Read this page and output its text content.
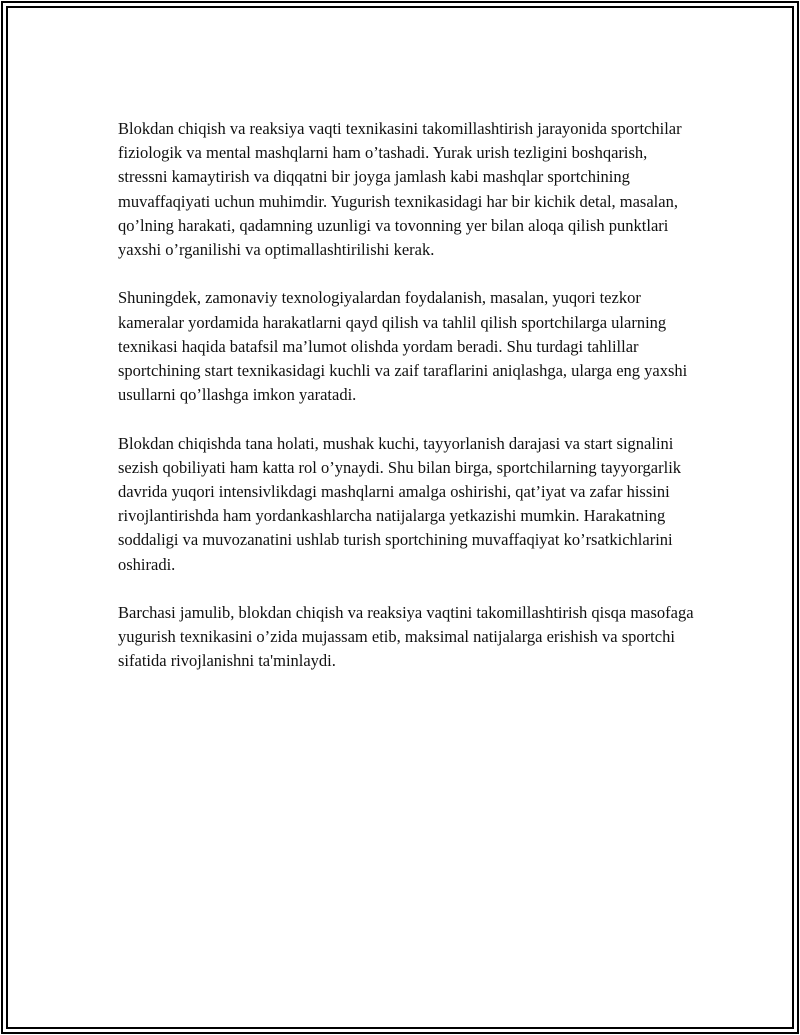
Blokdan chiqish va reaksiya vaqti texnikasini takomillashtirish jarayonida sportchilar fiziologik va mental mashqlarni ham o’tashadi. Yurak urish tezligini boshqarish, stressni kamaytirish va diqqatni bir joyga jamlash kabi mashqlar sportchining muvaffaqiyati uchun muhimdir. Yugurish texnikasidagi har bir kichik detal, masalan, qo’lning harakati, qadamning uzunligi va tovonning yer bilan aloqa qilish punktlari yaxshi o’rganilishi va optimallashtirilishi kerak.

Shuningdek, zamonaviy texnologiyalardan foydalanish, masalan, yuqori tezkor kameralar yordamida harakatlarni qayd qilish va tahlil qilish sportchilarga ularning texnikasi haqida batafsil ma’lumot olishda yordam beradi. Shu turdagi tahlillar sportchining start texnikasidagi kuchli va zaif taraflarini aniqlashga, ularga eng yaxshi usullarni qo’llashga imkon yaratadi.

Blokdan chiqishda tana holati, mushak kuchi, tayyorlanish darajasi va start signalini sezish qobiliyati ham katta rol o’ynaydi. Shu bilan birga, sportchilarning tayyorgarlik davrida yuqori intensivlikdagi mashqlarni amalga oshirishi, qat’iyat va zafar hissini rivojlantirishda ham yordankashlarcha natijalarga yetkazishi mumkin. Harakatning soddaligi va muvozanatini ushlab turish sportchining muvaffaqiyat ko’rsatkichlarini oshiradi.

Barchasi jamulib, blokdan chiqish va reaksiya vaqtini takomillashtirish qisqa masofaga yugurish texnikasini o’zida mujassam etib, maksimal natijalarga erishish va sportchi sifatida rivojlanishni ta'minlaydi.
